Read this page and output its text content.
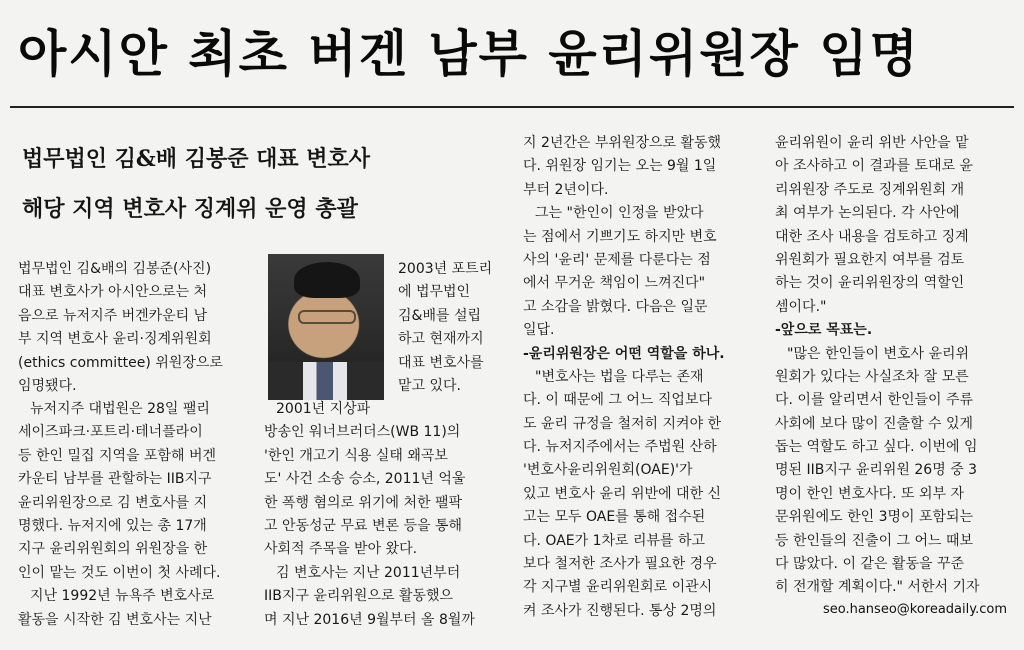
아시안 최초 버겐 남부 윤리위원장 임명
법무법인 김&배 김봉준 대표 변호사
해당 지역 변호사 징계위 운영 총괄
법무법인 김&배의 김봉준(사진)
대표 변호사가 아시안으로는 처
음으로 뉴저지주 버겐카운티 남
부 지역 변호사 윤리·징계위원회
(ethics committee) 위원장으로
임명됐다.
2003년 포트리
에 법무법인
김&배를 설립
하고 현재까지
대표 변호사를
맡고 있다.
뉴저지주 대법원은 28일 팰리
세이즈파크·포트리·테너플라이
등 한인 밀집 지역을 포함해 버겐
카운티 남부를 관할하는 IIB지구
윤리위원장으로 김 변호사를 지
명했다. 뉴저지에 있는 총 17개
지구 윤리위원회의 위원장을 한
인이 맡는 것도 이번이 첫 사례다.
지난 1992년 뉴욕주 변호사로
활동을 시작한 김 변호사는 지난
2001년 지상파
방송인 워너브러더스(WB 11)의
'한인 개고기 식용 실태 왜곡보
도' 사건 소송 승소, 2011년 억울
한 폭행 혐의로 위기에 처한 팰팍
고 안동성군 무료 변론 등을 통해
사회적 주목을 받아 왔다.
김 변호사는 지난 2011년부터
IIB지구 윤리위원으로 활동했으
며 지난 2016년 9월부터 올 8월까
지 2년간은 부위원장으로 활동했
다. 위원장 임기는 오는 9월 1일
부터 2년이다.
그는 "한인이 인정을 받았다
는 점에서 기쁘기도 하지만 변호
사의 '윤리' 문제를 다룬다는 점
에서 무거운 책임이 느껴진다"
고 소감을 밝혔다. 다음은 일문
일답.
-윤리위원장은 어떤 역할을 하나.
"변호사는 법을 다루는 존재
다. 이 때문에 그 어느 직업보다
도 윤리 규정을 철저히 지켜야 한
다. 뉴저지주에서는 주법원 산하
'변호사윤리위원회(OAE)'가
있고 변호사 윤리 위반에 대한 신
고는 모두 OAE를 통해 접수된
다. OAE가 1차로 리뷰를 하고
보다 철저한 조사가 필요한 경우
각 지구별 윤리위원회로 이관시
켜 조사가 진행된다. 통상 2명의
윤리위원이 윤리 위반 사안을 맡
아 조사하고 이 결과를 토대로 윤
리위원장 주도로 징계위원회 개
최 여부가 논의된다. 각 사안에
대한 조사 내용을 검토하고 징계
위원회가 필요한지 여부를 검토
하는 것이 윤리위원장의 역할인
셈이다."
-앞으로 목표는.
"많은 한인들이 변호사 윤리위
원회가 있다는 사실조차 잘 모른
다. 이를 알리면서 한인들이 주류
사회에 보다 많이 진출할 수 있게
돕는 역할도 하고 싶다. 이번에 임
명된 IIB지구 윤리위원 26명 중 3
명이 한인 변호사다. 또 외부 자
문위원에도 한인 3명이 포함되는
등 한인들의 진출이 그 어느 때보
다 많았다. 이 같은 활동을 꾸준
히 전개할 계획이다." 서한서 기자
seo.hanseo@koreadaily.com
